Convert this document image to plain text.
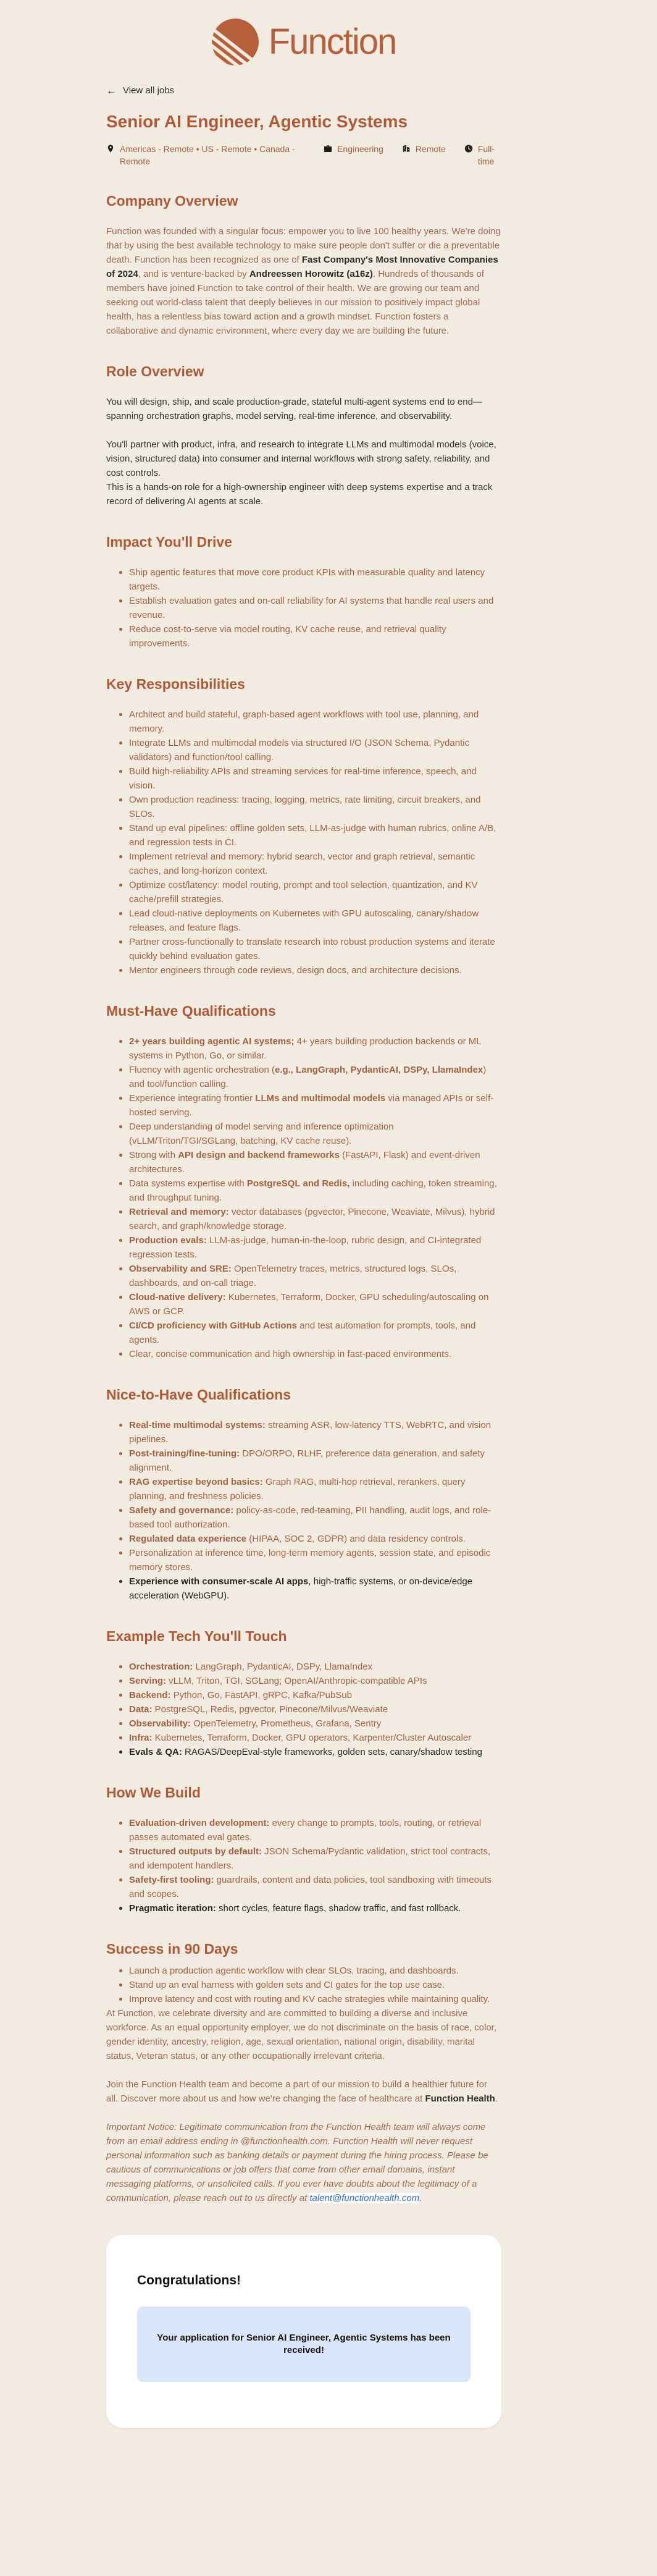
Function
← View all jobs
Senior AI Engineer, Agentic Systems
Americas - Remote • US - Remote • Canada - Remote
Engineering	Remote	Full-time
Company Overview

Function was founded with a singular focus: empower you to live 100 healthy years. We're doing that by using the best available technology to make sure people don't suffer or die a preventable death. Function has been recognized as one of Fast Company's Most Innovative Companies of 2024, and is venture-backed by Andreessen Horowitz (a16z). Hundreds of thousands of members have joined Function to take control of their health. We are growing our team and seeking out world-class talent that deeply believes in our mission to positively impact global health, has a relentless bias toward action and a growth mindset. Function fosters a collaborative and dynamic environment, where every day we are building the future.

Role Overview

You will design, ship, and scale production-grade, stateful multi-agent systems end to end—spanning orchestration graphs, model serving, real-time inference, and observability.

You'll partner with product, infra, and research to integrate LLMs and multimodal models (voice, vision, structured data) into consumer and internal workflows with strong safety, reliability, and cost controls.

This is a hands-on role for a high-ownership engineer with deep systems expertise and a track record of delivering AI agents at scale.

Impact You'll Drive
Ship agentic features that move core product KPIs with measurable quality and latency targets.
Establish evaluation gates and on-call reliability for AI systems that handle real users and revenue.
Reduce cost-to-serve via model routing, KV cache reuse, and retrieval quality improvements.
Key Responsibilities
Architect and build stateful, graph-based agent workflows with tool use, planning, and memory.
Integrate LLMs and multimodal models via structured I/O (JSON Schema, Pydantic validators) and function/tool calling.
Build high-reliability APIs and streaming services for real-time inference, speech, and vision.
Own production readiness: tracing, logging, metrics, rate limiting, circuit breakers, and SLOs.
Stand up eval pipelines: offline golden sets, LLM-as-judge with human rubrics, online A/B, and regression tests in CI.
Implement retrieval and memory: hybrid search, vector and graph retrieval, semantic caches, and long-horizon context.
Optimize cost/latency: model routing, prompt and tool selection, quantization, and KV cache/prefill strategies.
Lead cloud-native deployments on Kubernetes with GPU autoscaling, canary/shadow releases, and feature flags.
Partner cross-functionally to translate research into robust production systems and iterate quickly behind evaluation gates.
Mentor engineers through code reviews, design docs, and architecture decisions.
Must-Have Qualifications
2+ years building agentic AI systems; 4+ years building production backends or ML systems in Python, Go, or similar.
Fluency with agentic orchestration (e.g., LangGraph, PydanticAI, DSPy, LlamaIndex) and tool/function calling.
Experience integrating frontier LLMs and multimodal models via managed APIs or self-hosted serving.
Deep understanding of model serving and inference optimization (vLLM/Triton/TGI/SGLang, batching, KV cache reuse).
Strong with API design and backend frameworks (FastAPI, Flask) and event-driven architectures.
Data systems expertise with PostgreSQL and Redis, including caching, token streaming, and throughput tuning.
Retrieval and memory: vector databases (pgvector, Pinecone, Weaviate, Milvus), hybrid search, and graph/knowledge storage.
Production evals: LLM-as-judge, human-in-the-loop, rubric design, and CI-integrated regression tests.
Observability and SRE: OpenTelemetry traces, metrics, structured logs, SLOs, dashboards, and on-call triage.
Cloud-native delivery: Kubernetes, Terraform, Docker, GPU scheduling/autoscaling on AWS or GCP.
CI/CD proficiency with GitHub Actions and test automation for prompts, tools, and agents.
Clear, concise communication and high ownership in fast-paced environments.
Nice-to-Have Qualifications
Real-time multimodal systems: streaming ASR, low-latency TTS, WebRTC, and vision pipelines.
Post-training/fine-tuning: DPO/ORPO, RLHF, preference data generation, and safety alignment.
RAG expertise beyond basics: Graph RAG, multi-hop retrieval, rerankers, query planning, and freshness policies.
Safety and governance: policy-as-code, red-teaming, PII handling, audit logs, and role-based tool authorization.
Regulated data experience (HIPAA, SOC 2, GDPR) and data residency controls.
Personalization at inference time, long-term memory agents, session state, and episodic memory stores.
Experience with consumer-scale AI apps, high-traffic systems, or on-device/edge acceleration (WebGPU).
Example Tech You'll Touch
Orchestration: LangGraph, PydanticAI, DSPy, LlamaIndex
Serving: vLLM, Triton, TGI, SGLang; OpenAI/Anthropic-compatible APIs
Backend: Python, Go, FastAPI, gRPC, Kafka/PubSub
Data: PostgreSQL, Redis, pgvector, Pinecone/Milvus/Weaviate
Observability: OpenTelemetry, Prometheus, Grafana, Sentry
Infra: Kubernetes, Terraform, Docker, GPU operators, Karpenter/Cluster Autoscaler
Evals & QA: RAGAS/DeepEval-style frameworks, golden sets, canary/shadow testing
How We Build
Evaluation-driven development: every change to prompts, tools, routing, or retrieval passes automated eval gates.
Structured outputs by default: JSON Schema/Pydantic validation, strict tool contracts, and idempotent handlers.
Safety-first tooling: guardrails, content and data policies, tool sandboxing with timeouts and scopes.
Pragmatic iteration: short cycles, feature flags, shadow traffic, and fast rollback.
Success in 90 Days
Launch a production agentic workflow with clear SLOs, tracing, and dashboards.
Stand up an eval harness with golden sets and CI gates for the top use case.
Improve latency and cost with routing and KV cache strategies while maintaining quality.

At Function, we celebrate diversity and are committed to building a diverse and inclusive workforce. As an equal opportunity employer, we do not discriminate on the basis of race, color, gender identity, ancestry, religion, age, sexual orientation, national origin, disability, marital status, Veteran status, or any other occupationally irrelevant criteria.

Join the Function Health team and become a part of our mission to build a healthier future for all. Discover more about us and how we're changing the face of healthcare at Function Health.

Important Notice: Legitimate communication from the Function Health team will always come from an email address ending in @functionhealth.com. Function Health will never request personal information such as banking details or payment during the hiring process. Please be cautious of communications or job offers that come from other email domains, instant messaging platforms, or unsolicited calls. If you ever have doubts about the legitimacy of a communication, please reach out to us directly at talent@functionhealth.com.

Congratulations!
Your application for Senior AI Engineer, Agentic Systems has been received!
